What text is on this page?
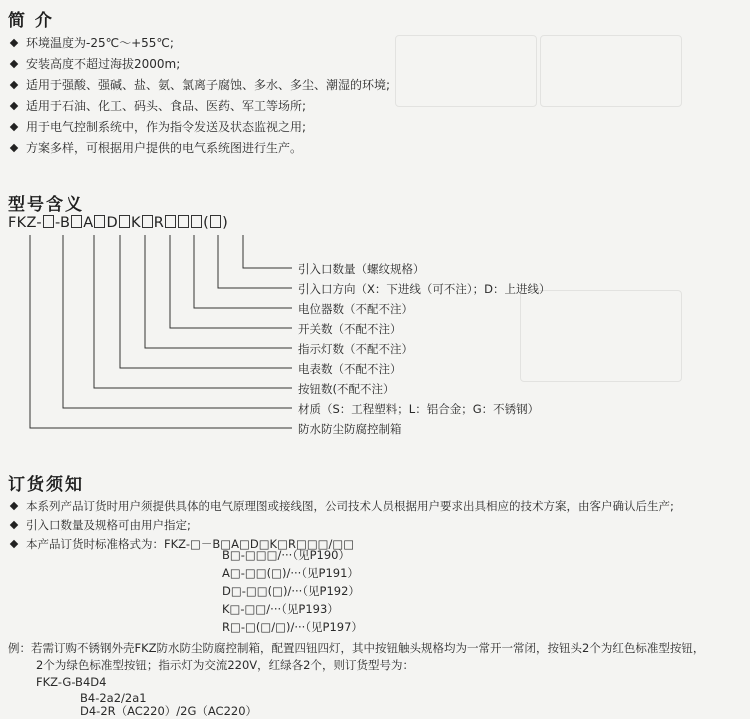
简 介
环境温度为-25℃～+55℃;
安装高度不超过海拔2000m;
适用于强酸、强碱、盐、氨、氯离子腐蚀、多水、多尘、潮湿的环境;
适用于石油、化工、码头、食品、医药、军工等场所;
用于电气控制系统中，作为指令发送及状态监视之用;
方案多样，可根据用户提供的电气系统图进行生产。
型号含义
FKZ- -B A D K R	( )
引入口数量（螺纹规格）
引入口方向（X：下进线（可不注）；D：上进线）
电位器数（不配不注）
开关数（不配不注）
指示灯数（不配不注）
电表数（不配不注）
按钮数(不配不注）
材质（S：工程塑料；L：铝合金；G：不锈钢）
防水防尘防腐控制箱
订货须知
本系列产品订货时用户须提供具体的电气原理图或接线图，公司技术人员根据用户要求出具相应的技术方案，由客户确认后生产;
引入口数量及规格可由用户指定;
本产品订货时标准格式为：FKZ-□－B□A□D□K□R□□□/□□
B□-□□□/···（见P190）
A□-□□(□)/···（见P191）
D□-□□(□)/···（见P192）
K□-□□/···（见P193）
R□-□(□/□)/···（见P197）
例：若需订购不锈钢外壳FKZ防水防尘防腐控制箱，配置四钮四灯，其中按钮触头规格均为一常开一常闭，按钮头2个为红色标准型按钮，
2个为绿色标准型按钮；指示灯为交流220V，红绿各2个，则订货型号为：
FKZ-G-B4D4
B4-2a2/2a1
D4-2R（AC220）/2G（AC220）
